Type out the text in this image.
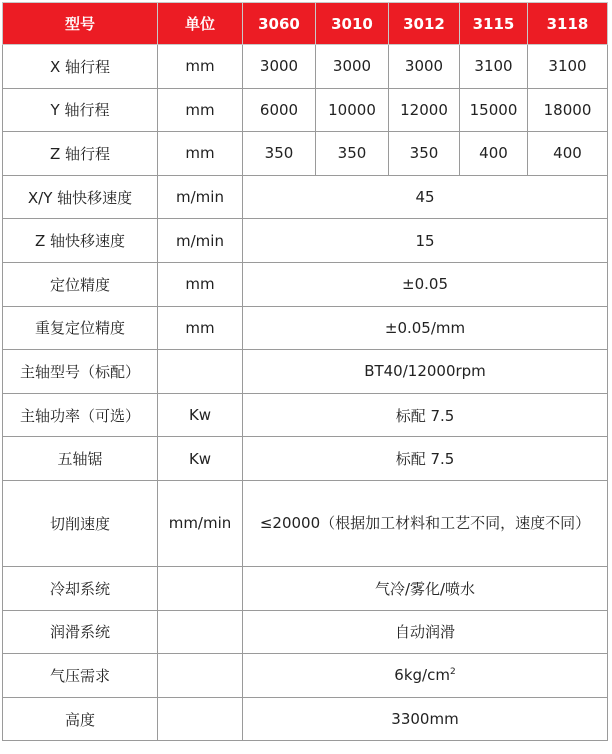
型号	单位	3060	3010	3012	3115	3118
X 轴行程	mm	3000	3000	3000	3100	3100
Y 轴行程	mm	6000	10000	12000	15000	18000
Z 轴行程	mm	350	350	350	400	400
X/Y 轴快移速度	m/min	45				
Z 轴快移速度	m/min	15				
定位精度	mm	±0.05				
重复定位精度	mm	±0.05/mm				
主轴型号（标配）		BT40/12000rpm				
主轴功率（可选）	Kw	标配 7.5				
五轴锯	Kw	标配 7.5				
切削速度	mm/min	≤20000（根据加工材料和工艺不同，速度不同）				
冷却系统		气冷/雾化/喷水				
润滑系统		自动润滑				
气压需求		$6kg/cm^2$
高度		3300mm				
